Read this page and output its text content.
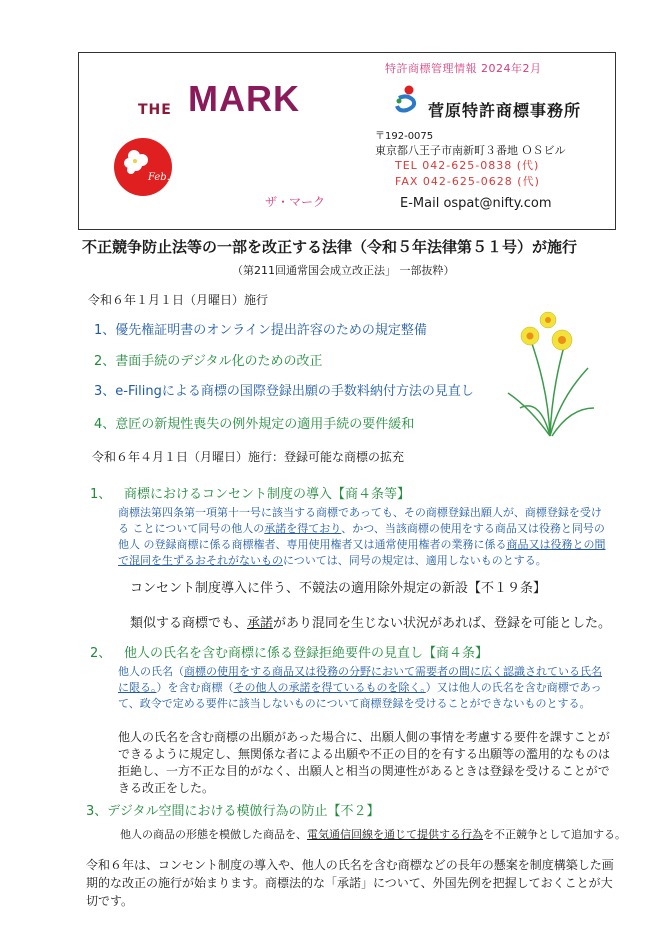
THE MARK
Feb.
ザ・マーク
特許商標管理情報 2024年2月
菅原特許商標事務所
〒192-0075
東京都八王子市南新町３番地 ＯＳビル
TEL 042-625-0838 (代)
FAX 042-625-0628 (代)
E-Mail ospat@nifty.com
不正競争防止法等の一部を改正する法律（令和５年法律第５１号）が施行
（第211回通常国会成立改正法」 一部抜粋）
令和６年１月１日（月曜日）施行
1、優先権証明書のオンライン提出許容のための規定整備
2、書面手続のデジタル化のための改正
3、e-Filingによる商標の国際登録出願の手数料納付方法の見直し
4、意匠の新規性喪失の例外規定の適用手続の要件緩和
令和６年４月１日（月曜日）施行：登録可能な商標の拡充
1、 商標におけるコンセント制度の導入【商４条等】
商標法第四条第一項第十一号に該当する商標であっても、その商標登録出願人が、商標登録を受ける ことについて同号の他人の承諾を得ており、かつ、当該商標の使用をする商品又は役務と同号の他人 の登録商標に係る商標権者、専用使用権者又は通常使用権者の業務に係る商品又は役務との間で混同を生ずるおそれがないものについては、同号の規定は、適用しないものとする。
コンセント制度導入に伴う、不競法の適用除外規定の新設【不１９条】
類似する商標でも、承諾があり混同を生じない状況があれば、登録を可能とした。
2、 他人の氏名を含む商標に係る登録拒絶要件の見直し【商４条】
他人の氏名（商標の使用をする商品又は役務の分野において需要者の間に広く認識されている氏名に限る。）を含む商標（その他人の承諾を得ているものを除く。）又は他人の氏名を含む商標であって、政令で定める要件に該当しないものについて商標登録を受けることができないものとする。
他人の氏名を含む商標の出願があった場合に、出願人側の事情を考慮する要件を課すことができるように規定し、無関係な者による出願や不正の目的を有する出願等の濫用的なものは拒絶し、一方不正な目的がなく、出願人と相当の関連性があるときは登録を受けることができる改正をした。
3、デジタル空間における模倣行為の防止【不２】
他人の商品の形態を模倣した商品を、電気通信回線を通じて提供する行為を不正競争として追加する。
令和６年は、コンセント制度の導入や、他人の氏名を含む商標などの長年の懸案を制度構築した画期的な改正の施行が始まります。商標法的な「承諾」について、外国先例を把握しておくことが大切です。
